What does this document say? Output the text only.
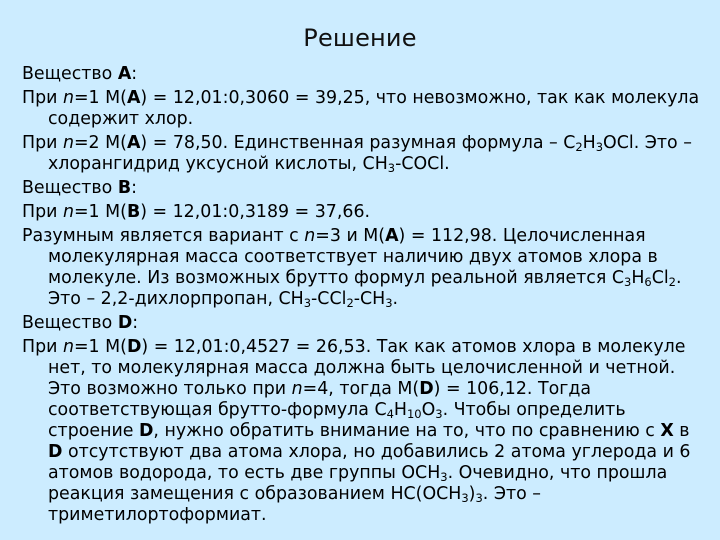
Решение

Вещество A:

При n=1 М(A) = 12,01:0,3060 = 39,25, что невозможно, так как молекула содержит хлор.

При n=2 М(A) = 78,50. Единственная разумная формула – $C_2H_3OCl$. Это – хлорангидрид уксусной кислоты, $CH_3$-COCl.

Вещество B:

При n=1 М(B) = 12,01:0,3189 = 37,66.

Разумным является вариант с n=3 и М(A) = 112,98. Целочисленная молекулярная масса соответствует наличию двух атомов хлора в молекуле. Из возможных брутто формул реальной является $C_3H_6Cl_2$. Это – 2,2-дихлорпропан, $CH_3-CCl_2-CH_3$.

Вещество D:

При n=1 М(D) = 12,01:0,4527 = 26,53. Так как атомов хлора в молекуле нет, то молекулярная масса должна быть целочисленной и четной. Это возможно только при n=4, тогда М(D) = 106,12. Тогда соответствующая брутто-формула $C_4H_{10}O_3$. Чтобы определить строение D, нужно обратить внимание на то, что по сравнению с X в D отсутствуют два атома хлора, но добавились 2 атома углерода и 6 атомов водорода, то есть две группы $OCH_3$. Очевидно, что прошла реакция замещения с образованием $HC(OCH_3)_3$. Это – триметилортоформиат.
